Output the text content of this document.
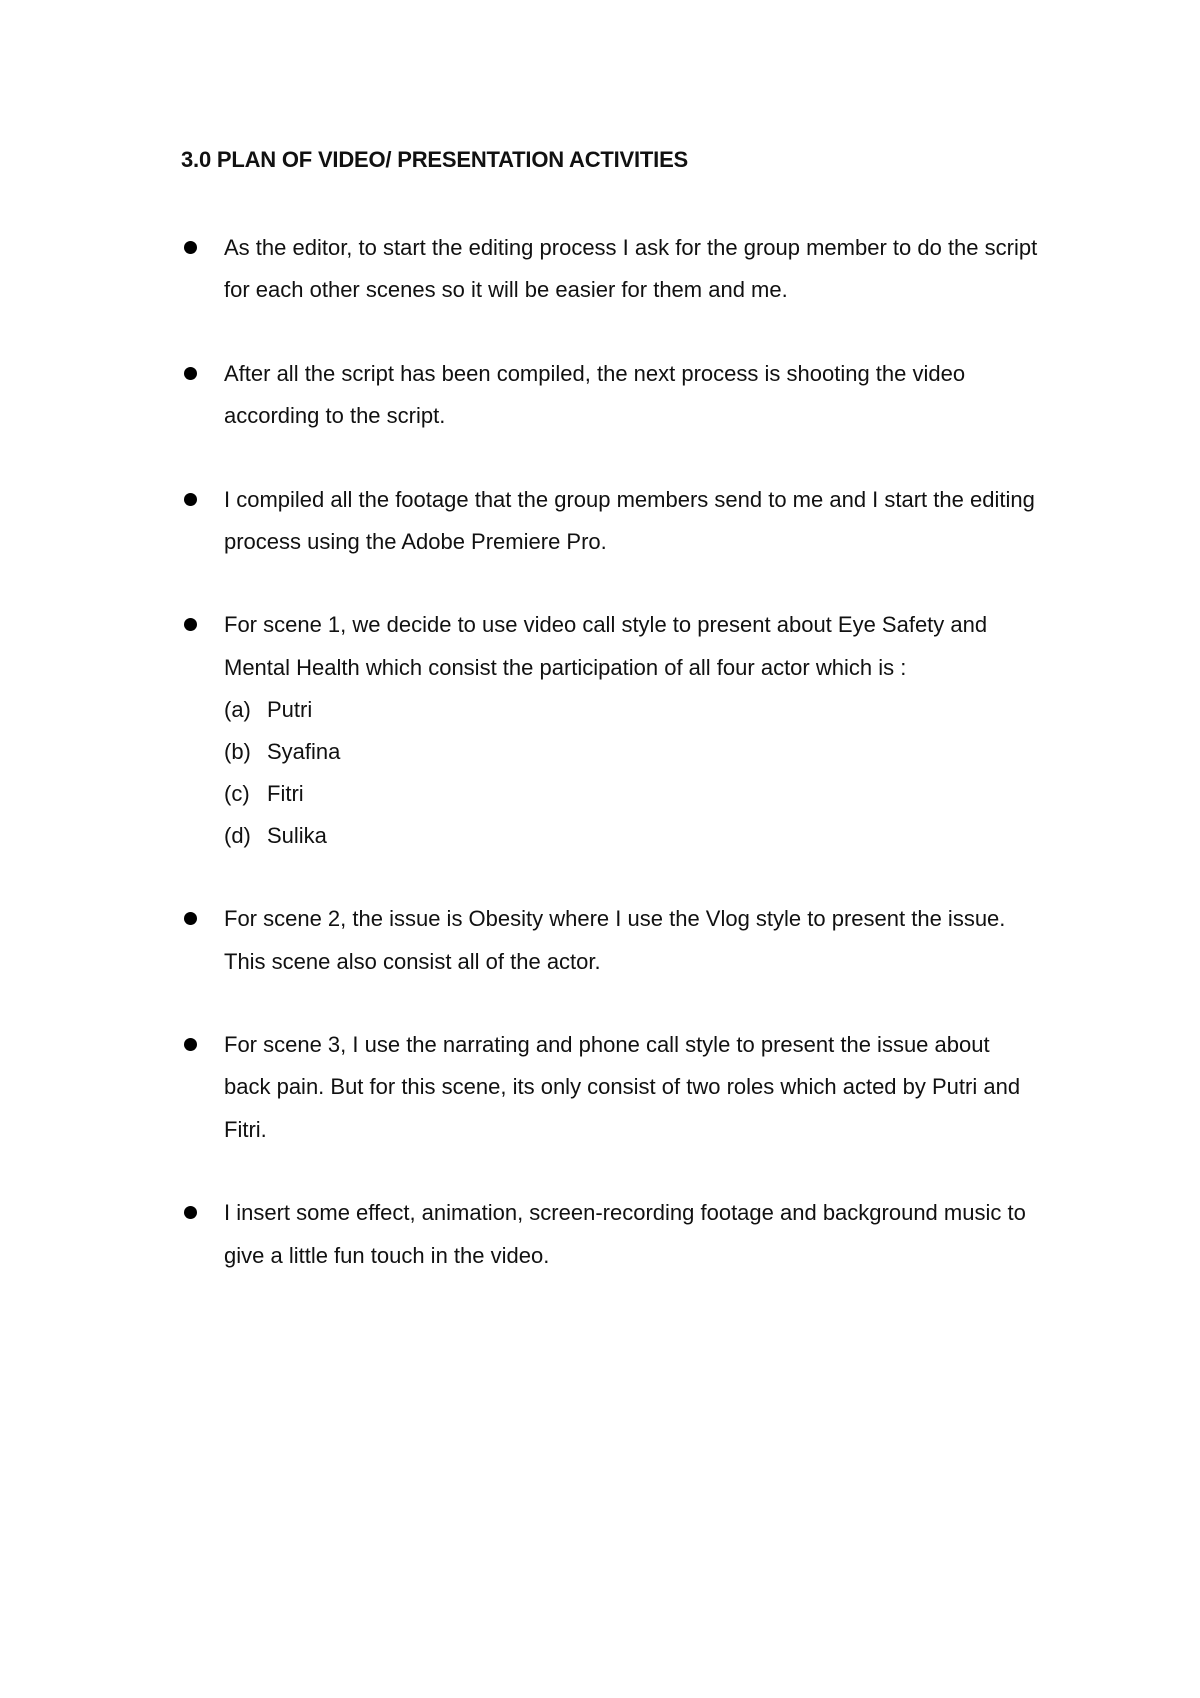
3.0 PLAN OF VIDEO/ PRESENTATION ACTIVITIES
As the editor, to start the editing process I ask for the group member to do the script for each other scenes so it will be easier for them and me.
After all the script has been compiled, the next process is shooting the video according to the script.
I compiled all the footage that the group members send to me and I start the editing process using the Adobe Premiere Pro.
For scene 1, we decide to use video call style to present about Eye Safety and Mental Health which consist the participation of all four actor which is :
(a) Putri
(b) Syafina
(c) Fitri
(d) Sulika
For scene 2, the issue is Obesity where I use the Vlog style to present the issue. This scene also consist all of the actor.
For scene 3, I use the narrating and phone call style to present the issue about back pain. But for this scene, its only consist of two roles which acted by Putri and Fitri.
I insert some effect, animation, screen-recording footage and background music to give a little fun touch in the video.
